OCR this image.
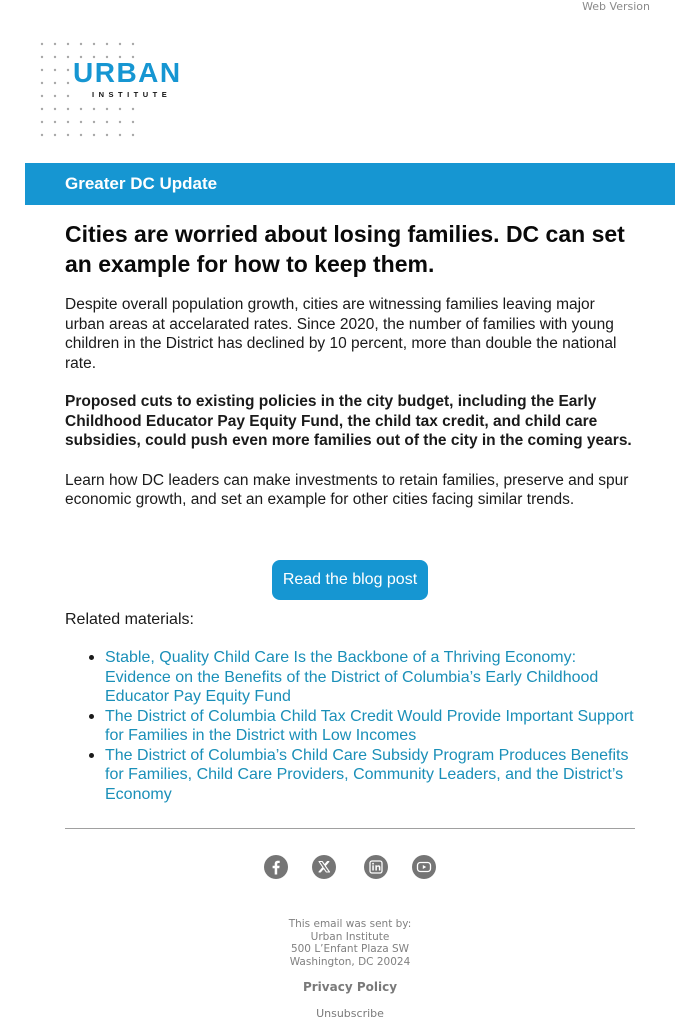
Web Version
URBAN
INSTITUTE
Greater DC Update
Cities are worried about losing families. DC can set an example for how to keep them.

Despite overall population growth, cities are witnessing families leaving major urban areas at accelarated rates. Since 2020, the number of families with young children in the District has declined by 10 percent, more than double the national rate.

Proposed cuts to existing policies in the city budget, including the Early Childhood Educator Pay Equity Fund, the child tax credit, and child care subsidies, could push even more families out of the city in the coming years.

Learn how DC leaders can make investments to retain families, preserve and spur economic growth, and set an example for other cities facing similar trends.

Read the blog post
Related materials:
Stable, Quality Child Care Is the Backbone of a Thriving Economy: Evidence on the Benefits of the District of Columbia’s Early Childhood Educator Pay Equity Fund
The District of Columbia Child Tax Credit Would Provide Important Support for Families in the District with Low Incomes
The District of Columbia’s Child Care Subsidy Program Produces Benefits for Families, Child Care Providers, Community Leaders, and the District’s Economy
This email was sent by:
Urban Institute
500 L’Enfant Plaza SW
Washington, DC 20024
Privacy Policy
Unsubscribe
